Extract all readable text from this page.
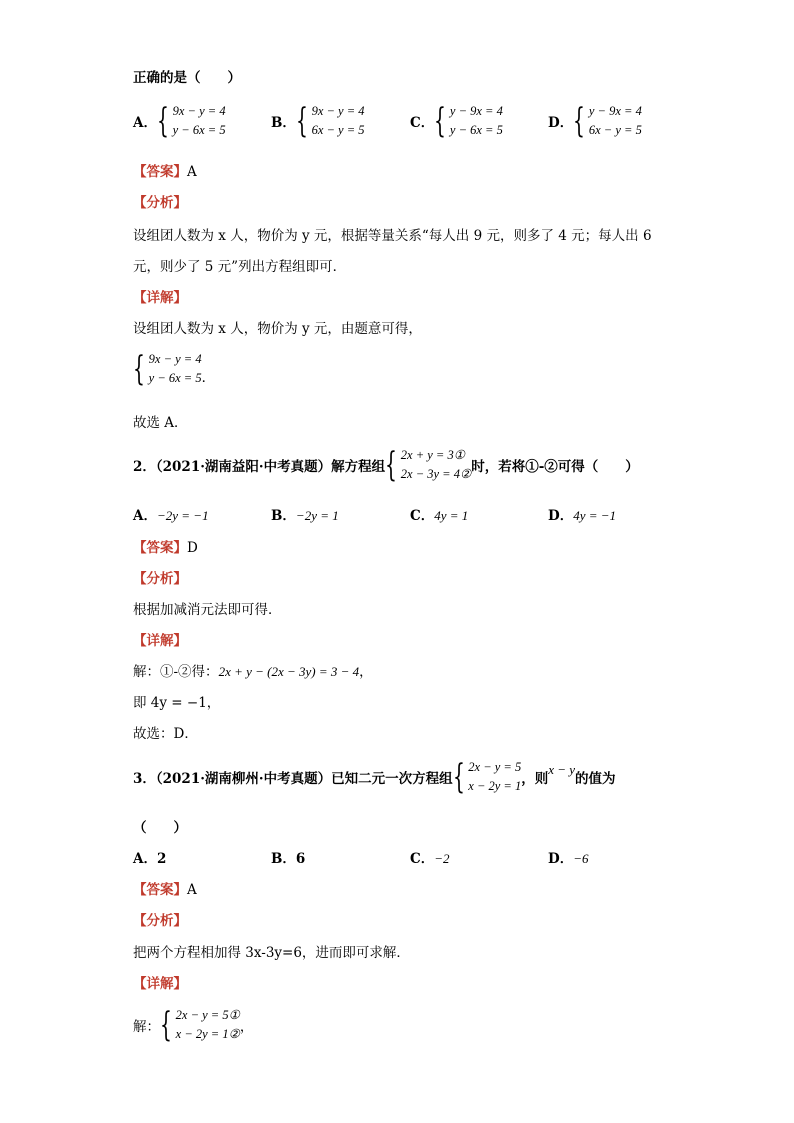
正确的是（　　）
A． { 9x − y = 4
y − 6x = 5	B． { 9x − y = 4
6x − y = 5	C． { y − 9x = 4
y − 6x = 5	D． { y − 9x = 4
6x − y = 5
【答案】A
【分析】
设组团人数为 x 人，物价为 y 元，根据等量关系“每人出 9 元，则多了 4 元；每人出 6
元，则少了 5 元”列出方程组即可．
【详解】
设组团人数为 x 人，物价为 y 元，由题意可得，
{ 9x − y = 4
y − 6x = 5 ．
故选 A．
2．（2021·湖南益阳·中考真题）解方程组 { 2x + y = 3①
2x − 3y = 4② 时，若将①-②可得（　　）
A．−2y = −1	B．−2y = 1	C．4y = 1	D．4y = −1
【答案】D
【分析】
根据加减消元法即可得．
【详解】
解：①-②得：2x + y − (2x − 3y) = 3 − 4，
即 4y = −1，
故选：D．
3．（2021·湖南柳州·中考真题）已知二元一次方程组 { 2x − y = 5
x − 2y = 1 ，则
x − y
的值为
（　　）
A．2	B．6	C．−2	D．−6
【答案】A
【分析】
把两个方程相加得 3x-3y=6，进而即可求解．
【详解】
解： { 2x − y = 5①
x − 2y = 1② ，
